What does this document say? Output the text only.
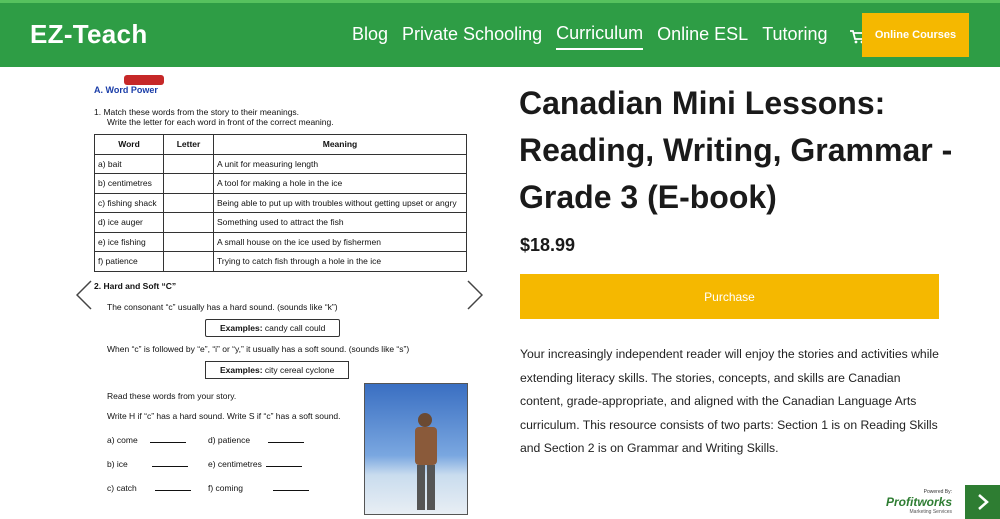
EZ-Teach	Blog Private Schooling Curriculum Online ESL Tutoring	Online Courses
A. Word Power
1. Match these words from the story to their meanings.
Write the letter for each word in front of the correct meaning.
Word	Letter	Meaning
a) bait		A unit for measuring length
b) centimetres		A tool for making a hole in the ice
c) fishing shack		Being able to put up with troubles without getting upset or angry
d) ice auger		Something used to attract the fish
e) ice fishing		A small house on the ice used by fishermen
f) patience		Trying to catch fish through a hole in the ice
2. Hard and Soft “C”
The consonant “c” usually has a hard sound. (sounds like “k”)
Examples: candy call could
When “c” is followed by “e”, “i” or “y,” it usually has a soft sound. (sounds like “s”)
Examples: city cereal cyclone
Read these words from your story.
Write H if “c” has a hard sound. Write S if “c” has a soft sound.
a) come	d) patience
b) ice	e) centimetres
c) catch	f) coming
Canadian Mini Lessons: Reading, Writing, Grammar - Grade 3 (E-book)
$18.99
Purchase
Your increasingly independent reader will enjoy the stories and activities while extending literacy skills. The stories, concepts, and skills are Canadian content, grade-appropriate, and aligned with the Canadian Language Arts curriculum. This resource consists of two parts: Section 1 is on Reading Skills and Section 2 is on Grammar and Writing Skills.
Powered By:
Profitworks
Marketing Services
